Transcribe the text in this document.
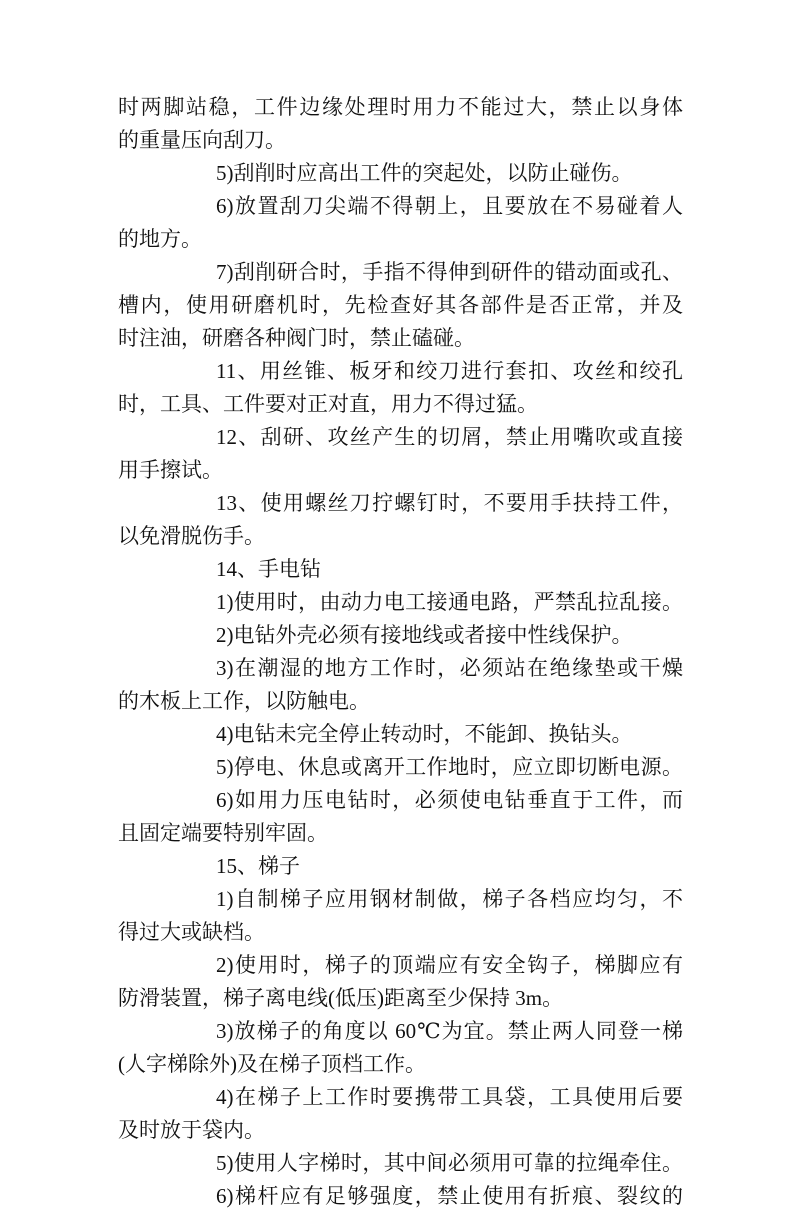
时两脚站稳，工件边缘处理时用力不能过大，禁止以身体
的重量压向刮刀。
5)刮削时应高出工件的突起处，以防止碰伤。
6)放置刮刀尖端不得朝上，且要放在不易碰着人
的地方。
7)刮削研合时，手指不得伸到研件的错动面或孔、
槽内，使用研磨机时，先检查好其各部件是否正常，并及
时注油，研磨各种阀门时，禁止磕碰。
11、用丝锥、板牙和绞刀进行套扣、攻丝和绞孔
时，工具、工件要对正对直，用力不得过猛。
12、刮研、攻丝产生的切屑，禁止用嘴吹或直接
用手擦试。
13、使用螺丝刀拧螺钉时，不要用手扶持工件，
以免滑脱伤手。
14、手电钻
1)使用时，由动力电工接通电路，严禁乱拉乱接。
2)电钻外壳必须有接地线或者接中性线保护。
3)在潮湿的地方工作时，必须站在绝缘垫或干燥
的木板上工作，以防触电。
4)电钻未完全停止转动时，不能卸、换钻头。
5)停电、休息或离开工作地时，应立即切断电源。
6)如用力压电钻时，必须使电钻垂直于工件，而
且固定端要特别牢固。
15、梯子
1)自制梯子应用钢材制做，梯子各档应均匀，不
得过大或缺档。
2)使用时，梯子的顶端应有安全钩子，梯脚应有
防滑装置，梯子离电线(低压)距离至少保持 3m。
3)放梯子的角度以 60℃为宜。禁止两人同登一梯
(人字梯除外)及在梯子顶档工作。
4)在梯子上工作时要携带工具袋，工具使用后要
及时放于袋内。
5)使用人字梯时，其中间必须用可靠的拉绳牵住。
6)梯杆应有足够强度，禁止使用有折痕、裂纹的
